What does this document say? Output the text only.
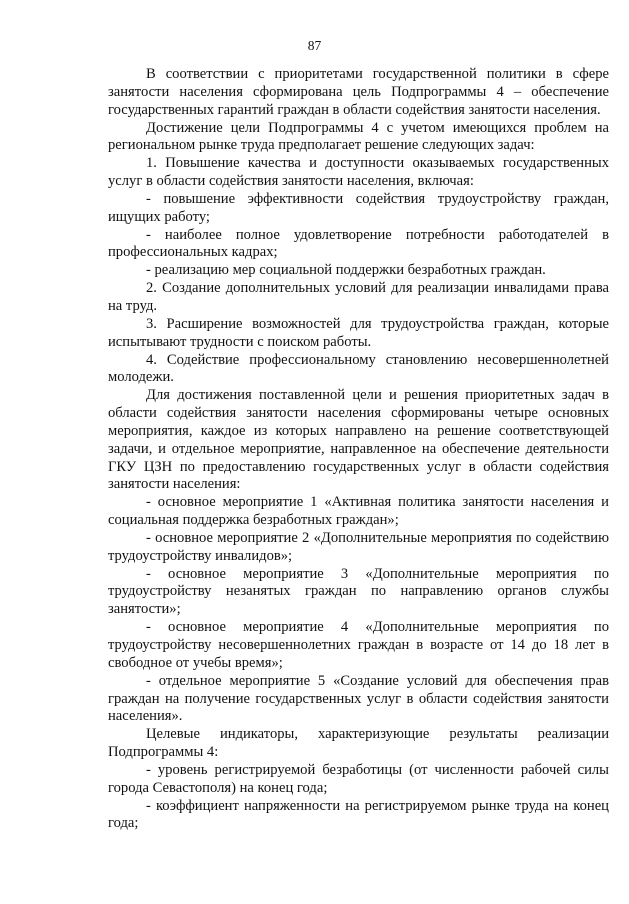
87

В соответствии с приоритетами государственной политики в сфере занятости населения сформирована цель Подпрограммы 4 – обеспечение государственных гарантий граждан в области содействия занятости населения.

Достижение цели Подпрограммы 4 с учетом имеющихся проблем на региональном рынке труда предполагает решение следующих задач:

1. Повышение качества и доступности оказываемых государственных услуг в области содействия занятости населения, включая:

- повышение эффективности содействия трудоустройству граждан, ищущих работу;

- наиболее полное удовлетворение потребности работодателей в профессиональных кадрах;

- реализацию мер социальной поддержки безработных граждан.

2. Создание дополнительных условий для реализации инвалидами права на труд.

3. Расширение возможностей для трудоустройства граждан, которые испытывают трудности с поиском работы.

4. Содействие профессиональному становлению несовершеннолетней молодежи.

Для достижения поставленной цели и решения приоритетных задач в области содействия занятости населения сформированы четыре основных мероприятия, каждое из которых направлено на решение соответствующей задачи, и отдельное мероприятие, направленное на обеспечение деятельности ГКУ ЦЗН по предоставлению государственных услуг в области содействия занятости населения:

- основное мероприятие 1 «Активная политика занятости населения и социальная поддержка безработных граждан»;

- основное мероприятие 2 «Дополнительные мероприятия по содействию трудоустройству инвалидов»;

- основное мероприятие 3 «Дополнительные мероприятия по трудоустройству незанятых граждан по направлению органов службы занятости»;

- основное мероприятие 4 «Дополнительные мероприятия по трудоустройству несовершеннолетних граждан в возрасте от 14 до 18 лет в свободное от учебы время»;

- отдельное мероприятие 5 «Создание условий для обеспечения прав граждан на получение государственных услуг в области содействия занятости населения».

Целевые индикаторы, характеризующие результаты реализации Подпрограммы 4:

- уровень регистрируемой безработицы (от численности рабочей силы города Севастополя) на конец года;

- коэффициент напряженности на регистрируемом рынке труда на конец года;
